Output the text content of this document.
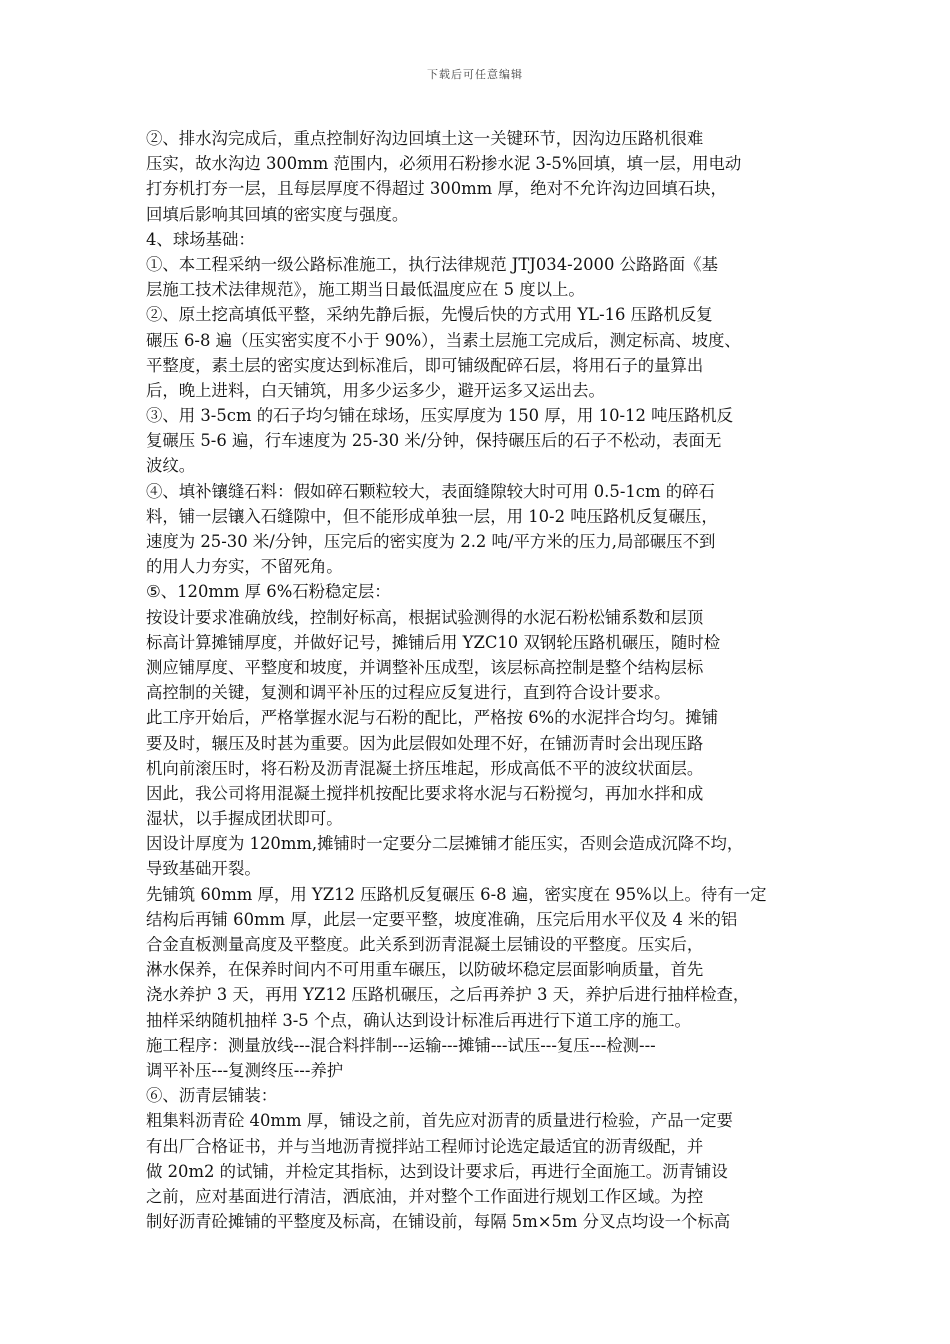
下载后可任意编辑
②、排水沟完成后，重点控制好沟边回填土这一关键环节，因沟边压路机很难
压实，故水沟边 300mm 范围内，必须用石粉掺水泥 3-5%回填，填一层，用电动
打夯机打夯一层，且每层厚度不得超过 300mm 厚，绝对不允许沟边回填石块，
回填后影响其回填的密实度与强度。
4、球场基础：
①、本工程采纳一级公路标准施工，执行法律规范 JTJ034-2000 公路路面《基
层施工技术法律规范》，施工期当日最低温度应在 5 度以上。
②、原土挖高填低平整，采纳先静后振，先慢后快的方式用 YL-16 压路机反复
碾压 6-8 遍（压实密实度不小于 90%），当素土层施工完成后，测定标高、坡度、
平整度，素土层的密实度达到标准后，即可铺级配碎石层，将用石子的量算出
后，晚上进料，白天铺筑，用多少运多少，避开运多又运出去。
③、用 3-5cm 的石子均匀铺在球场，压实厚度为 150 厚，用 10-12 吨压路机反
复碾压 5-6 遍，行车速度为 25-30 米/分钟，保持碾压后的石子不松动，表面无
波纹。
④、填补镶缝石料：假如碎石颗粒较大，表面缝隙较大时可用 0.5-1cm 的碎石
料，铺一层镶入石缝隙中，但不能形成单独一层，用 10-2 吨压路机反复碾压，
速度为 25-30 米/分钟，压完后的密实度为 2.2 吨/平方米的压力,局部碾压不到
的用人力夯实，不留死角。
⑤、120mm 厚 6%石粉稳定层：
按设计要求准确放线，控制好标高，根据试验测得的水泥石粉松铺系数和层顶
标高计算摊铺厚度，并做好记号，摊铺后用 YZC10 双钢轮压路机碾压，随时检
测应铺厚度、平整度和坡度，并调整补压成型，该层标高控制是整个结构层标
高控制的关键，复测和调平补压的过程应反复进行，直到符合设计要求。
此工序开始后，严格掌握水泥与石粉的配比，严格按 6%的水泥拌合均匀。摊铺
要及时，辗压及时甚为重要。因为此层假如处理不好，在铺沥青时会出现压路
机向前滚压时，将石粉及沥青混凝土挤压堆起，形成高低不平的波纹状面层。
因此，我公司将用混凝土搅拌机按配比要求将水泥与石粉搅匀，再加水拌和成
湿状，以手握成团状即可。
因设计厚度为 120mm,摊铺时一定要分二层摊铺才能压实，否则会造成沉降不均，
导致基础开裂。
先铺筑 60mm 厚，用 YZ12 压路机反复碾压 6-8 遍，密实度在 95%以上。待有一定
结构后再铺 60mm 厚，此层一定要平整，坡度准确，压完后用水平仪及 4 米的铝
合金直板测量高度及平整度。此关系到沥青混凝土层铺设的平整度。压实后，
淋水保养，在保养时间内不可用重车碾压，以防破坏稳定层面影响质量，首先
浇水养护 3 天，再用 YZ12 压路机碾压，之后再养护 3 天，养护后进行抽样检查，
抽样采纳随机抽样 3-5 个点，确认达到设计标准后再进行下道工序的施工。
施工程序：测量放线---混合料拌制---运输---摊铺---试压---复压---检测---
调平补压---复测终压---养护
⑥、沥青层铺装：
粗集料沥青砼 40mm 厚，铺设之前，首先应对沥青的质量进行检验，产品一定要
有出厂合格证书，并与当地沥青搅拌站工程师讨论选定最适宜的沥青级配，并
做 20m2 的试铺，并检定其指标，达到设计要求后，再进行全面施工。沥青铺设
之前，应对基面进行清洁，洒底油，并对整个工作面进行规划工作区域。为控
制好沥青砼摊铺的平整度及标高，在铺设前，每隔 5m×5m 分叉点均设一个标高
